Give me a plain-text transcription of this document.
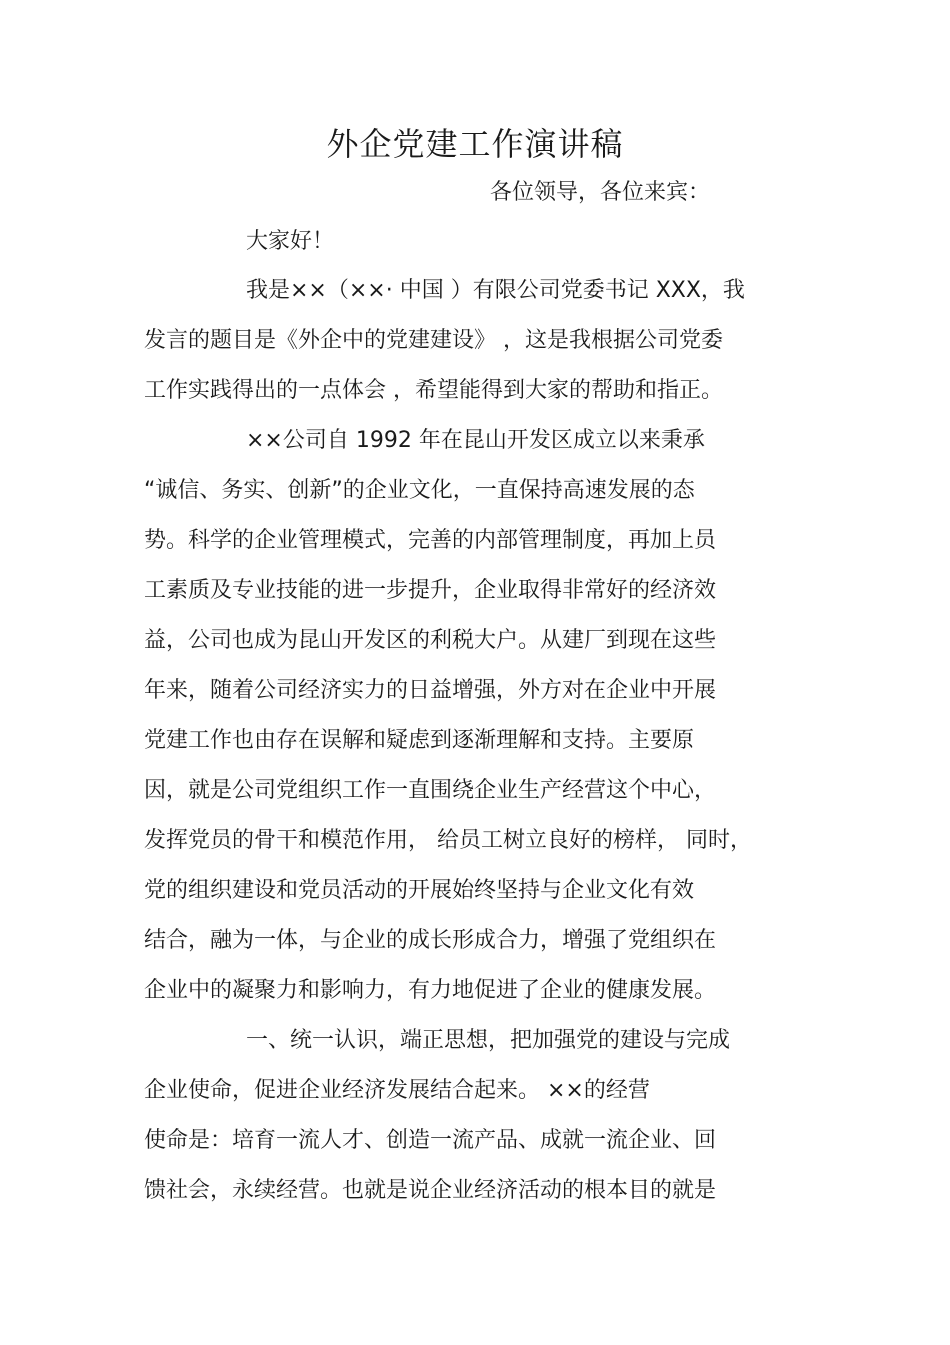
外企党建工作演讲稿

各位领导，各位来宾：

大家好！

我是××（××· 中国 ）有限公司党委书记 XXX，我

发言的题目是《外企中的党建建设》 ，这是我根据公司党委

工作实践得出的一点体会 ，希望能得到大家的帮助和指正。

××公司自 1992 年在昆山开发区成立以来秉承

“诚信、务实、创新”的企业文化，一直保持高速发展的态

势。科学的企业管理模式，完善的内部管理制度，再加上员

工素质及专业技能的进一步提升，企业取得非常好的经济效

益，公司也成为昆山开发区的利税大户。从建厂到现在这些

年来，随着公司经济实力的日益增强，外方对在企业中开展

党建工作也由存在误解和疑虑到逐渐理解和支持。主要原

因，就是公司党组织工作一直围绕企业生产经营这个中心，

发挥党员的骨干和模范作用， 给员工树立良好的榜样， 同时，

党的组织建设和党员活动的开展始终坚持与企业文化有效

结合，融为一体，与企业的成长形成合力，增强了党组织在

企业中的凝聚力和影响力，有力地促进了企业的健康发展。

一、统一认识，端正思想，把加强党的建设与完成

企业使命，促进企业经济发展结合起来。 ××的经营

使命是：培育一流人才、创造一流产品、成就一流企业、回

馈社会，永续经营。也就是说企业经济活动的根本目的就是
